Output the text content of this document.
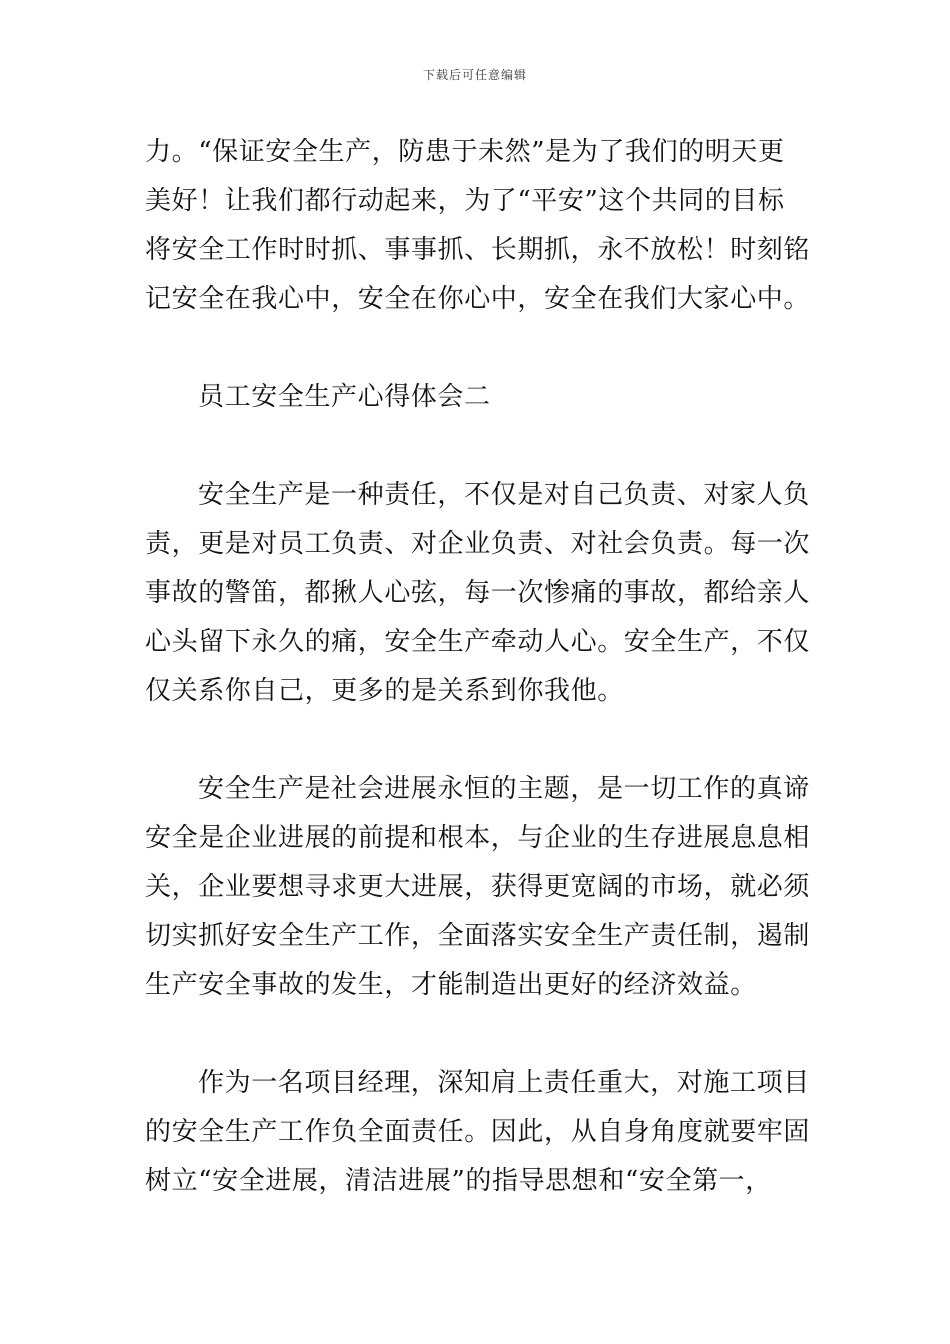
下载后可任意编辑
力。“保证安全生产，防患于未然”是为了我们的明天更
美好！让我们都行动起来，为了“平安”这个共同的目标
将安全工作时时抓、事事抓、长期抓，永不放松！时刻铭
记安全在我心中，安全在你心中，安全在我们大家心中。
员工安全生产心得体会二
安全生产是一种责任，不仅是对自己负责、对家人负
责，更是对员工负责、对企业负责、对社会负责。每一次
事故的警笛，都揪人心弦，每一次惨痛的事故，都给亲人
心头留下永久的痛，安全生产牵动人心。安全生产，不仅
仅关系你自己，更多的是关系到你我他。
安全生产是社会进展永恒的主题，是一切工作的真谛
安全是企业进展的前提和根本，与企业的生存进展息息相
关，企业要想寻求更大进展，获得更宽阔的市场，就必须
切实抓好安全生产工作，全面落实安全生产责任制，遏制
生产安全事故的发生，才能制造出更好的经济效益。
作为一名项目经理，深知肩上责任重大，对施工项目
的安全生产工作负全面责任。因此，从自身角度就要牢固
树立“安全进展，清洁进展”的指导思想和“安全第一，
